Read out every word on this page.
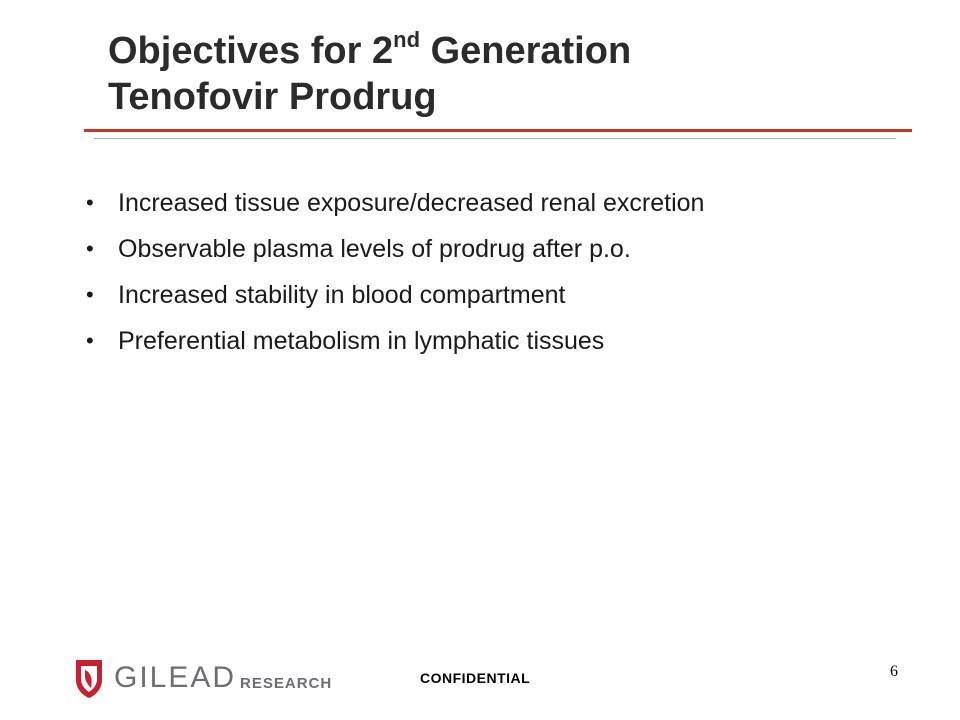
Objectives for 2nd Generation
Tenofovir Prodrug
• Increased tissue exposure/decreased renal excretion
• Observable plasma levels of prodrug after p.o.
• Increased stability in blood compartment
• Preferential metabolism in lymphatic tissues
GILEAD RESEARCH	CONFIDENTIAL	6
